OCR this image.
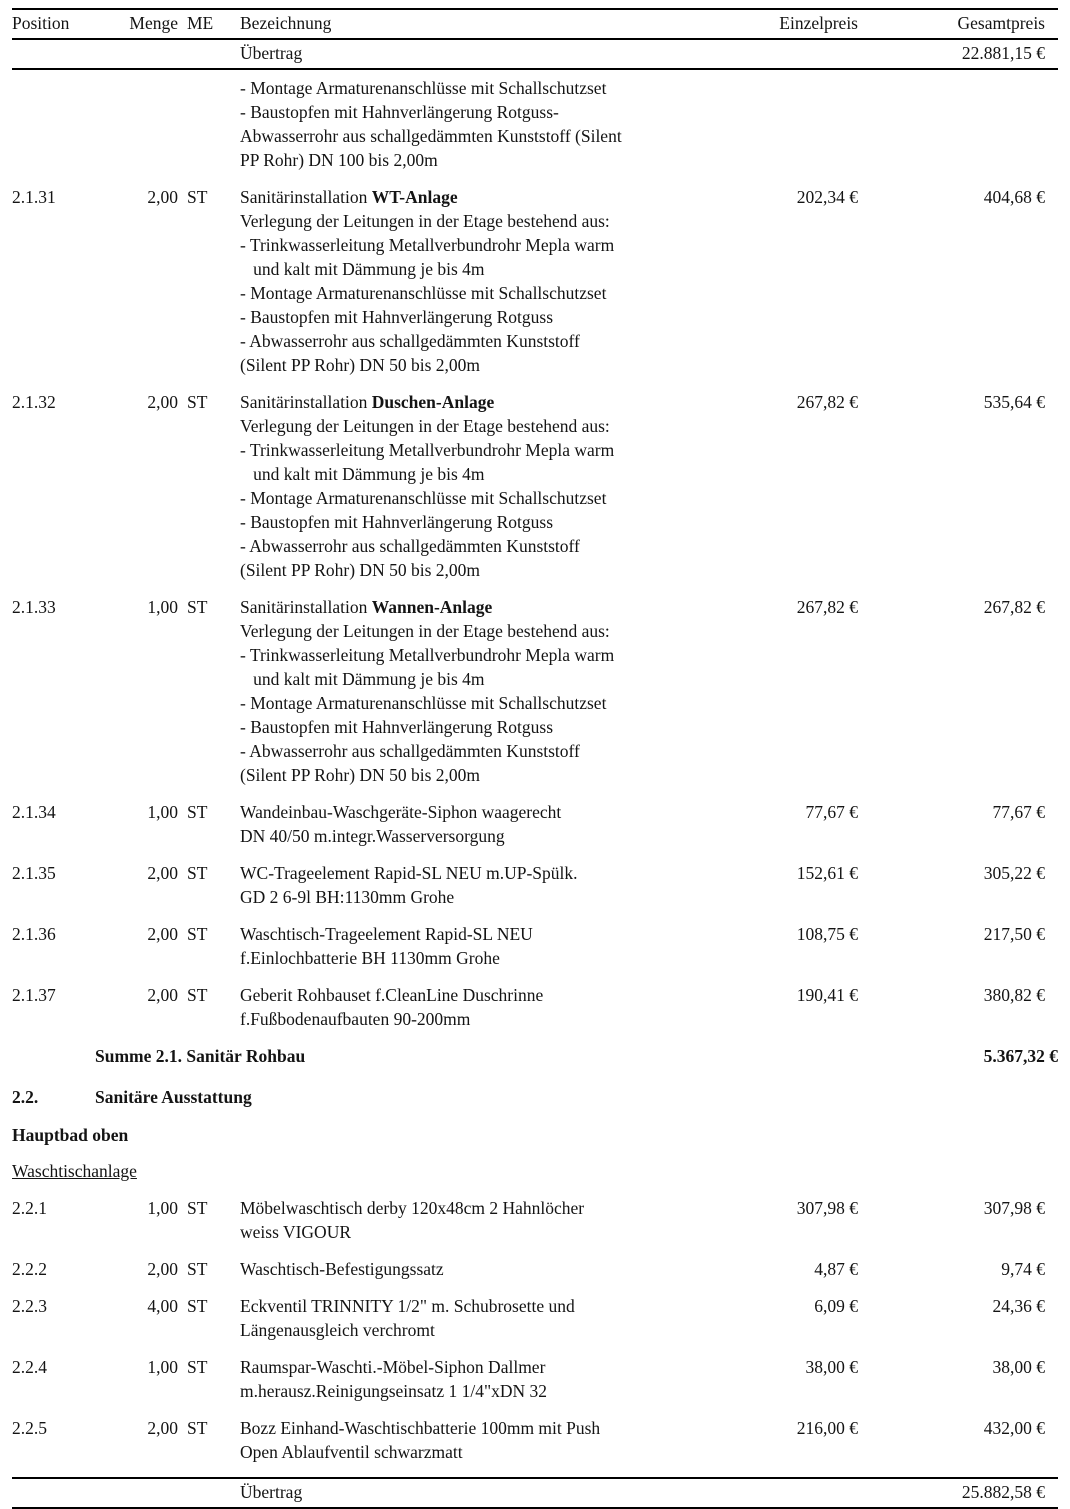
Position	Menge ME	Bezeichnung	Einzelpreis	Gesamtpreis
Übertrag	22.881,15 €
- Montage Armaturenanschlüsse mit Schallschutzset
- Baustopfen mit Hahnverlängerung Rotguss-
Abwasserrohr aus schallgedämmten Kunststoff (Silent
PP Rohr) DN 100 bis 2,00m
2.1.31	2,00 ST	Sanitärinstallation WT-Anlage
Verlegung der Leitungen in der Etage bestehend aus:
- Trinkwasserleitung Metallverbundrohr Mepla warm
und kalt mit Dämmung je bis 4m
- Montage Armaturenanschlüsse mit Schallschutzset
- Baustopfen mit Hahnverlängerung Rotguss
- Abwasserrohr aus schallgedämmten Kunststoff
(Silent PP Rohr) DN 50 bis 2,00m
202,34 €	404,68 €
2.1.32	2,00 ST	Sanitärinstallation Duschen-Anlage
Verlegung der Leitungen in der Etage bestehend aus:
- Trinkwasserleitung Metallverbundrohr Mepla warm
und kalt mit Dämmung je bis 4m
- Montage Armaturenanschlüsse mit Schallschutzset
- Baustopfen mit Hahnverlängerung Rotguss
- Abwasserrohr aus schallgedämmten Kunststoff
(Silent PP Rohr) DN 50 bis 2,00m
267,82 €	535,64 €
2.1.33	1,00 ST	Sanitärinstallation Wannen-Anlage
Verlegung der Leitungen in der Etage bestehend aus:
- Trinkwasserleitung Metallverbundrohr Mepla warm
und kalt mit Dämmung je bis 4m
- Montage Armaturenanschlüsse mit Schallschutzset
- Baustopfen mit Hahnverlängerung Rotguss
- Abwasserrohr aus schallgedämmten Kunststoff
(Silent PP Rohr) DN 50 bis 2,00m
267,82 €	267,82 €
2.1.34	1,00 ST	Wandeinbau-Waschgeräte-Siphon waagerecht
DN 40/50 m.integr.Wasserversorgung
77,67 €	77,67 €
2.1.35	2,00 ST	WC-Trageelement Rapid-SL NEU m.UP-Spülk.
GD 2 6-9l BH:1130mm Grohe
152,61 €	305,22 €
2.1.36	2,00 ST	Waschtisch-Trageelement Rapid-SL NEU
f.Einlochbatterie BH 1130mm Grohe
108,75 €	217,50 €
2.1.37	2,00 ST	Geberit Rohbauset f.CleanLine Duschrinne
f.Fußbodenaufbauten 90-200mm
190,41 €	380,82 €
Summe 2.1. Sanitär Rohbau	5.367,32 €
2.2.	Sanitäre Ausstattung
Hauptbad oben
Waschtischanlage
2.2.1	1,00 ST	Möbelwaschtisch derby 120x48cm 2 Hahnlöcher
weiss VIGOUR
307,98 €	307,98 €
2.2.2	2,00 ST	Waschtisch-Befestigungssatz	4,87 €	9,74 €
2.2.3	4,00 ST	Eckventil TRINNITY 1/2" m. Schubrosette und
Längenausgleich verchromt
6,09 €	24,36 €
2.2.4	1,00 ST	Raumspar-Waschti.-Möbel-Siphon Dallmer
m.herausz.Reinigungseinsatz 1 1/4"xDN 32
38,00 €	38,00 €
2.2.5	2,00 ST	Bozz Einhand-Waschtischbatterie 100mm mit Push
Open Ablaufventil schwarzmatt
216,00 €	432,00 €
Übertrag	25.882,58 €
